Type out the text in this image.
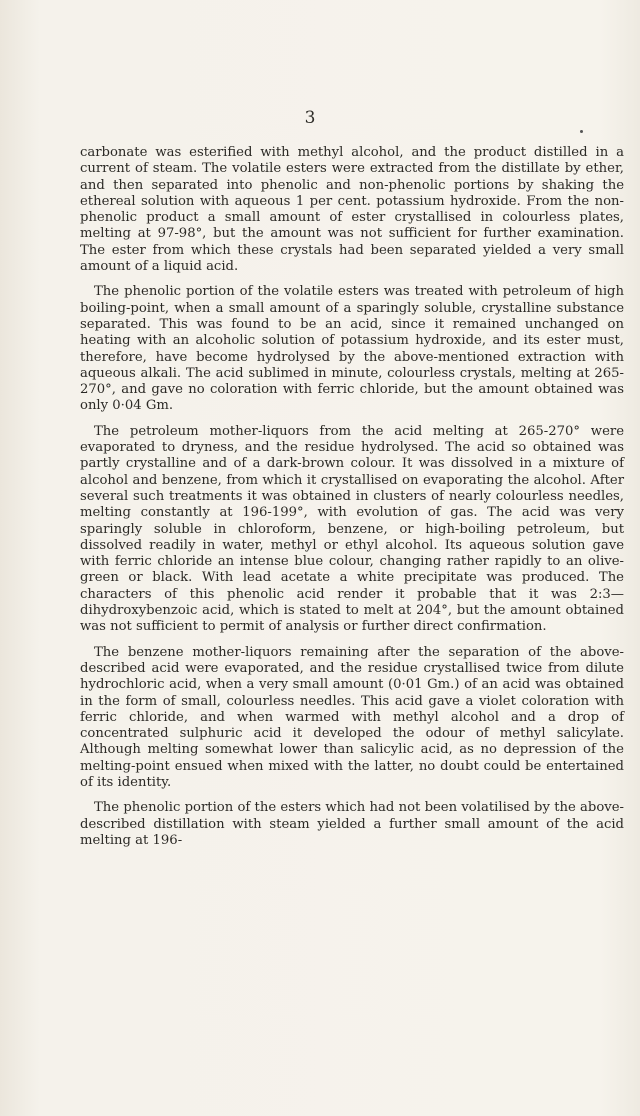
3

carbonate was esterified with methyl alcohol, and the product distilled in a current of steam. The volatile esters were extracted from the distillate by ether, and then separated into phenolic and non-phenolic portions by shaking the ethereal solution with aqueous 1 per cent. potassium hydroxide. From the non-phenolic product a small amount of ester crystallised in colourless plates, melting at 97-98°, but the amount was not sufficient for further examination. The ester from which these crystals had been separated yielded a very small amount of a liquid acid.

The phenolic portion of the volatile esters was treated with petroleum of high boiling-point, when a small amount of a sparingly soluble, crystalline substance separated. This was found to be an acid, since it remained unchanged on heating with an alcoholic solution of potassium hydroxide, and its ester must, therefore, have become hydrolysed by the above-mentioned extraction with aqueous alkali. The acid sublimed in minute, colourless crystals, melting at 265-270°, and gave no coloration with ferric chloride, but the amount obtained was only 0·04 Gm.

The petroleum mother-liquors from the acid melting at 265-270° were evaporated to dryness, and the residue hydrolysed. The acid so obtained was partly crystalline and of a dark-brown colour. It was dissolved in a mixture of alcohol and benzene, from which it crystallised on evaporating the alcohol. After several such treatments it was obtained in clusters of nearly colourless needles, melting constantly at 196-199°, with evolution of gas. The acid was very sparingly soluble in chloroform, benzene, or high-boiling petroleum, but dissolved readily in water, methyl or ethyl alcohol. Its aqueous solution gave with ferric chloride an intense blue colour, changing rather rapidly to an olive-green or black. With lead acetate a white precipitate was produced. The characters of this phenolic acid render it probable that it was 2:3—dihydroxybenzoic acid, which is stated to melt at 204°, but the amount obtained was not sufficient to permit of analysis or further direct confirmation.

The benzene mother-liquors remaining after the separation of the above-described acid were evaporated, and the residue crystallised twice from dilute hydrochloric acid, when a very small amount (0·01 Gm.) of an acid was obtained in the form of small, colourless needles. This acid gave a violet coloration with ferric chloride, and when warmed with methyl alcohol and a drop of concentrated sulphuric acid it developed the odour of methyl salicylate. Although melting somewhat lower than salicylic acid, as no depression of the melting-point ensued when mixed with the latter, no doubt could be entertained of its identity.

The phenolic portion of the esters which had not been volatilised by the above-described distillation with steam yielded a further small amount of the acid melting at 196-
